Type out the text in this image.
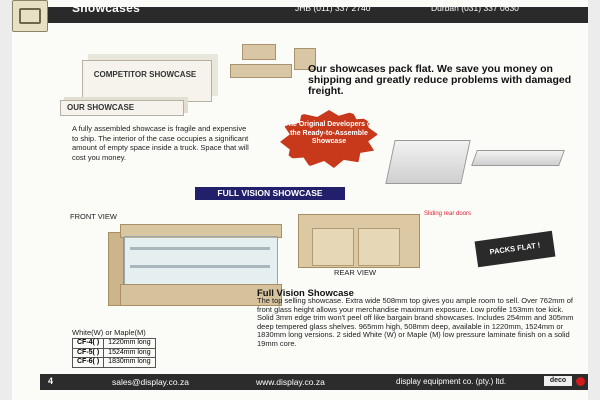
Showcases	JHB (011) 337 2740	Durban (031) 337 0630
COMPETITOR SHOWCASE
OUR SHOWCASE
A fully assembled showcase is fragile and expensive to ship. The interior of the case occupies a significant amount of empty space inside a truck. Space that will cost you money.
Our showcases pack flat. We save you money on shipping and greatly reduce problems with damaged freight.
The Original Developers of the Ready-to-Assemble Showcase
FULL VISION SHOWCASE
FRONT VIEW
REAR VIEW
Sliding rear doors
PACKS FLAT !
Full Vision Showcase
The top selling showcase. Extra wide 508mm top gives you ample room to sell. Over 762mm of front glass height allows your merchandise maximum exposure. Low profile 153mm toe kick. Solid 3mm edge trim won't peel off like bargain brand showcases. Includes 254mm and 305mm deep tempered glass shelves. 965mm high, 508mm deep, available in 1220mm, 1524mm or 1830mm long versions. 2 sided White (W) or Maple (M) low pressure laminate finish on a solid 19mm core.
White(W) or Maple(M)
CF-4( )	1220mm long
CF-5( )	1524mm long
CF-6( )	1830mm long
4	sales@display.co.za	www.display.co.za	display equipment co. (pty.) ltd.	deco
